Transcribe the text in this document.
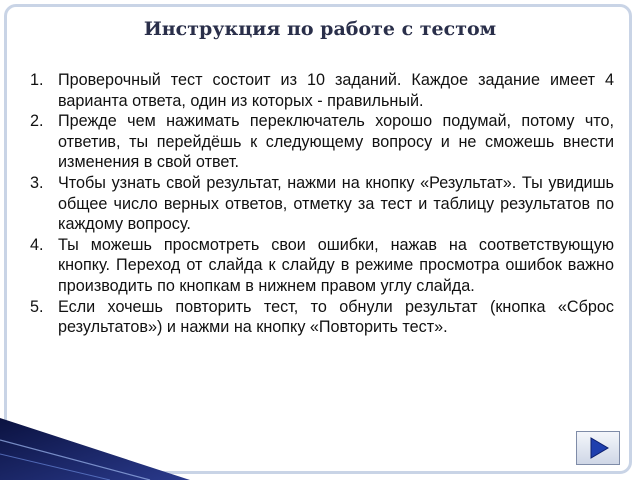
Инструкция по работе с тестом
1. Проверочный тест состоит из 10 заданий. Каждое задание имеет 4 варианта ответа, один из которых - правильный.
2. Прежде чем нажимать переключатель хорошо подумай, потому что, ответив, ты перейдёшь к следующему вопросу и не сможешь внести изменения в свой ответ.
3. Чтобы узнать свой результат, нажми на кнопку «Результат». Ты увидишь общее число верных ответов, отметку за тест и таблицу результатов по каждому вопросу.
4. Ты можешь просмотреть свои ошибки, нажав на соответствующую кнопку. Переход от слайда к слайду в режиме просмотра ошибок важно производить по кнопкам в нижнем правом углу слайда.
5. Если хочешь повторить тест, то обнули результат (кнопка «Сброс результатов») и нажми на кнопку «Повторить тест».
